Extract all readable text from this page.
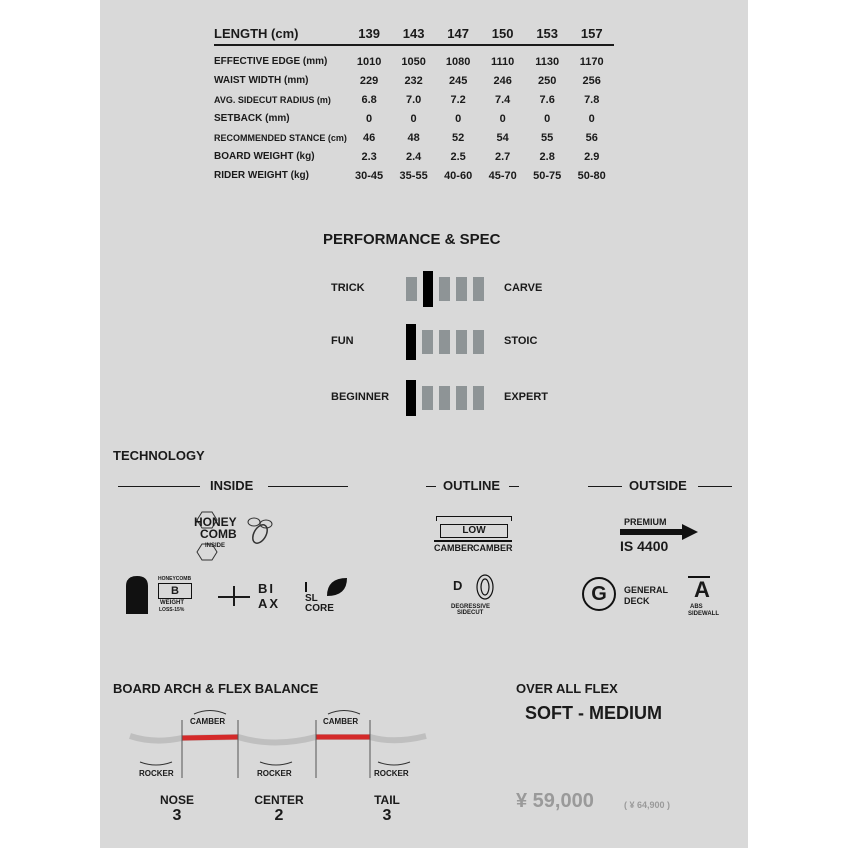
LENGTH (cm)	139	143	147	150	153	157

EFFECTIVE EDGE (mm)	1010	1050	1080	1110	1130	1170
WAIST WIDTH (mm)	229	232	245	246	250	256
AVG. SIDECUT RADIUS (m)	6.8	7.0	7.2	7.4	7.6	7.8
SETBACK (mm)	0	0	0	0	0	0
RECOMMENDED STANCE (cm)	46	48	52	54	55	56
BOARD WEIGHT (kg)	2.3	2.4	2.5	2.7	2.8	2.9
RIDER WEIGHT (kg)	30-45	35-55	40-60	45-70	50-75	50-80
PERFORMANCE & SPEC
TRICK	CARVE
FUN	STOIC
BEGINNER	EXPERT
TECHNOLOGY
INSIDE	OUTLINE	OUTSIDE
HONEY
COMB
INSIDE
HONEYCOMB
B
WEIGHT
LOSS-15%
BI
AX SL
CORE
LOW
CAMBER CAMBER
D
DEGRESSIVE
SIDECUT
PREMIUM
IS 4400
G	GENERAL
DECK A
ABS
SIDEWALL
BOARD ARCH & FLEX BALANCE
CAMBER	CAMBER
ROCKER	ROCKER	ROCKER
NOSE
3
CENTER
2
TAIL
3
OVER ALL FLEX
SOFT - MEDIUM
¥ 59,000	( ¥ 64,900 )
